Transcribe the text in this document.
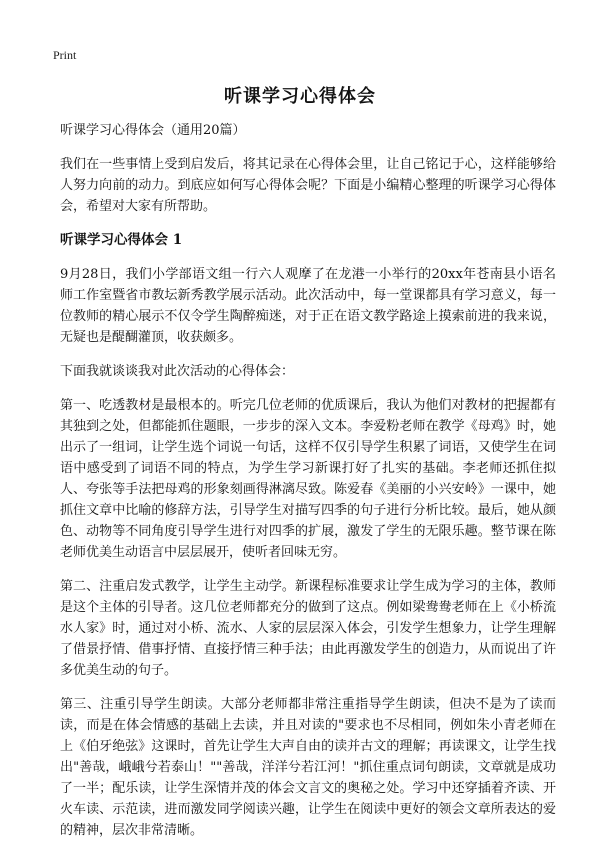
Print
听课学习心得体会

听课学习心得体会（通用20篇）

我们在一些事情上受到启发后，将其记录在心得体会里，让自己铭记于心，这样能够给人努力向前的动力。到底应如何写心得体会呢？下面是小编精心整理的听课学习心得体会，希望对大家有所帮助。

听课学习心得体会 1

9月28日，我们小学部语文组一行六人观摩了在龙港一小举行的20xx年苍南县小语名师工作室暨省市教坛新秀教学展示活动。此次活动中，每一堂课都具有学习意义，每一位教师的精心展示不仅令学生陶醉痴迷，对于正在语文教学路途上摸索前进的我来说，无疑也是醍醐灌顶，收获颇多。

下面我就谈谈我对此次活动的心得体会：

第一、吃透教材是最根本的。听完几位老师的优质课后，我认为他们对教材的把握都有其独到之处，但都能抓住题眼，一步步的深入文本。李爱粉老师在教学《母鸡》时，她出示了一组词，让学生选个词说一句话，这样不仅引导学生积累了词语，又使学生在词语中感受到了词语不同的特点，为学生学习新课打好了扎实的基础。李老师还抓住拟人、夸张等手法把母鸡的形象刻画得淋漓尽致。陈爱春《美丽的小兴安岭》一课中，她抓住文章中比喻的修辞方法，引导学生对描写四季的句子进行分析比较。最后，她从颜色、动物等不同角度引导学生进行对四季的扩展，激发了学生的无限乐趣。整节课在陈老师优美生动语言中层层展开，使听者回味无穷。

第二、注重启发式教学，让学生主动学。新课程标准要求让学生成为学习的主体，教师是这个主体的引导者。这几位老师都充分的做到了这点。例如梁鸯鸯老师在上《小桥流水人家》时，通过对小桥、流水、人家的层层深入体会，引发学生想象力，让学生理解了借景抒情、借事抒情、直接抒情三种手法；由此再激发学生的创造力，从而说出了许多优美生动的句子。

第三、注重引导学生朗读。大部分老师都非常注重指导学生朗读，但决不是为了读而读，而是在体会情感的基础上去读，并且对读的"要求也不尽相同，例如朱小青老师在上《伯牙绝弦》这课时，首先让学生大声自由的读并古文的理解；再读课文，让学生找出"善哉，峨峨兮若泰山！""善哉，洋洋兮若江河！"抓住重点词句朗读，文章就是成功了一半；配乐读，让学生深情并茂的体会文言文的奥秘之处。学习中还穿插着齐读、开火车读、示范读，进而激发同学阅读兴趣，让学生在阅读中更好的领会文章所表达的爱的精神，层次非常清晰。
